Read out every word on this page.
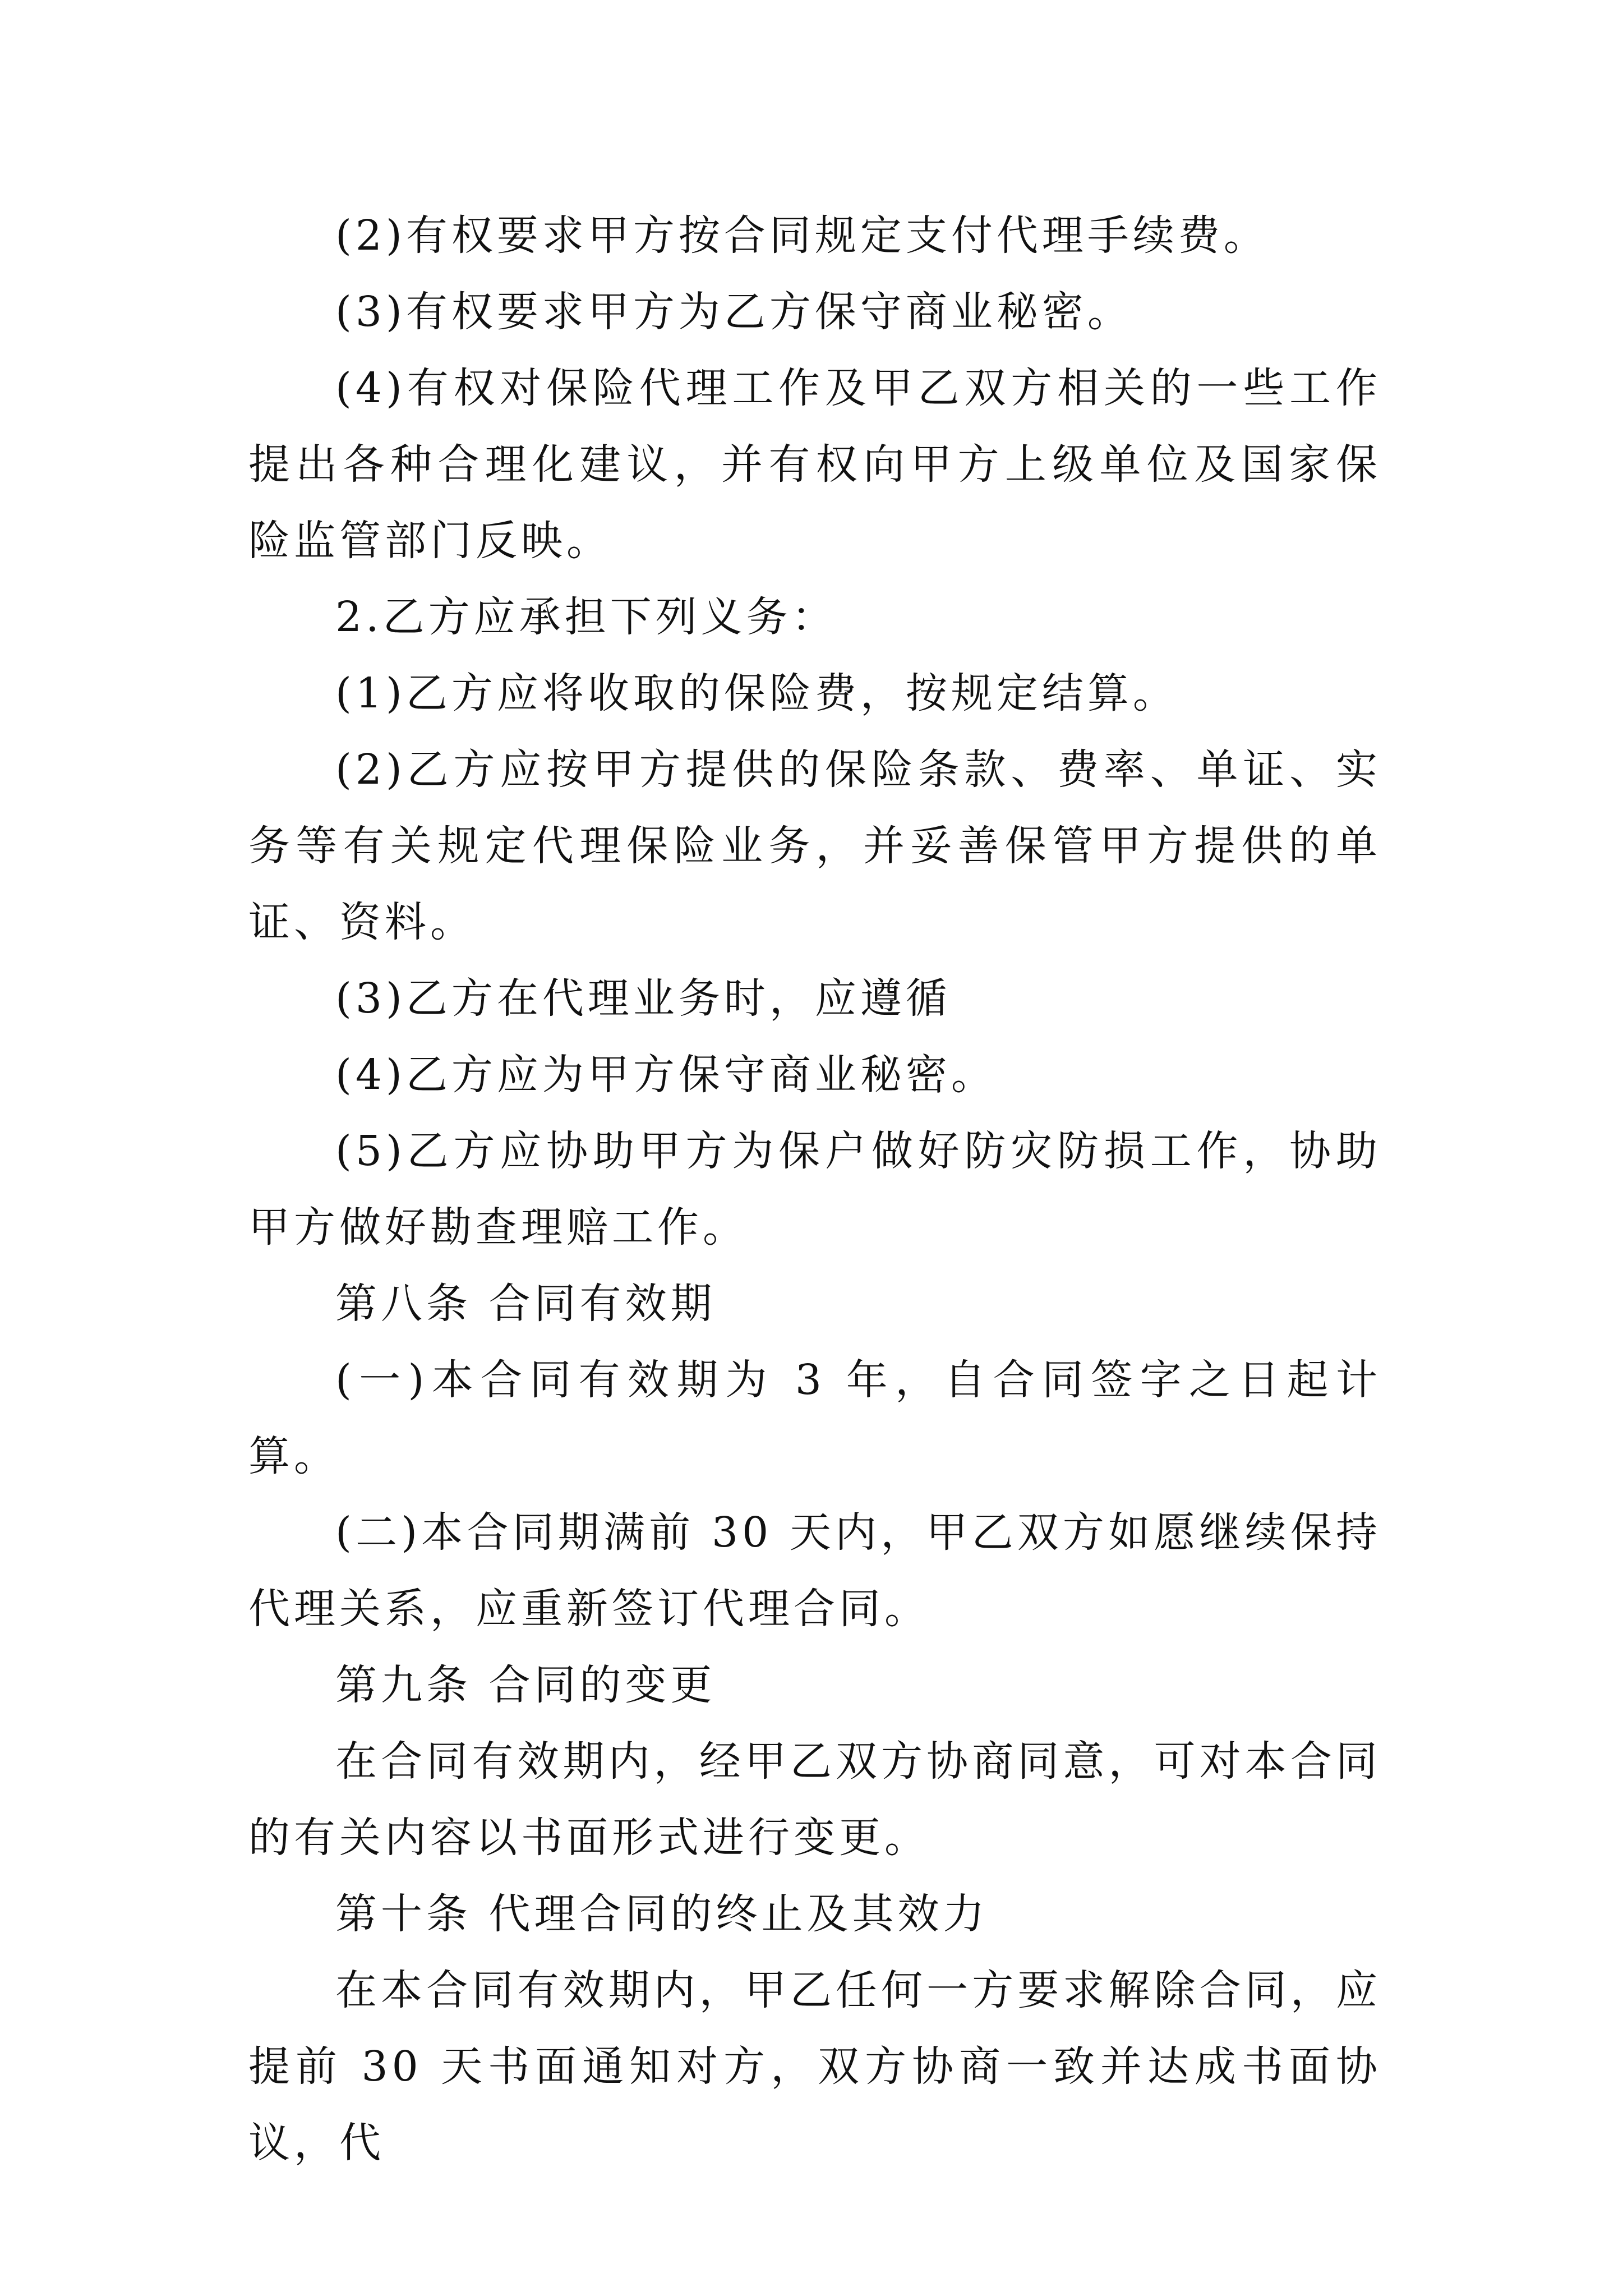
(2)有权要求甲方按合同规定支付代理手续费。

(3)有权要求甲方为乙方保守商业秘密。

(4)有权对保险代理工作及甲乙双方相关的一些工作提出各种合理化建议，并有权向甲方上级单位及国家保险监管部门反映。

2.乙方应承担下列义务：

(1)乙方应将收取的保险费，按规定结算。

(2)乙方应按甲方提供的保险条款、费率、单证、实务等有关规定代理保险业务，并妥善保管甲方提供的单证、资料。

(3)乙方在代理业务时，应遵循

(4)乙方应为甲方保守商业秘密。

(5)乙方应协助甲方为保户做好防灾防损工作，协助甲方做好勘查理赔工作。

第八条 合同有效期

(一)本合同有效期为 3 年，自合同签字之日起计算。

(二)本合同期满前 30 天内，甲乙双方如愿继续保持代理关系，应重新签订代理合同。

第九条 合同的变更

在合同有效期内，经甲乙双方协商同意，可对本合同的有关内容以书面形式进行变更。

第十条 代理合同的终止及其效力

在本合同有效期内，甲乙任何一方要求解除合同，应提前 30 天书面通知对方，双方协商一致并达成书面协议，代
